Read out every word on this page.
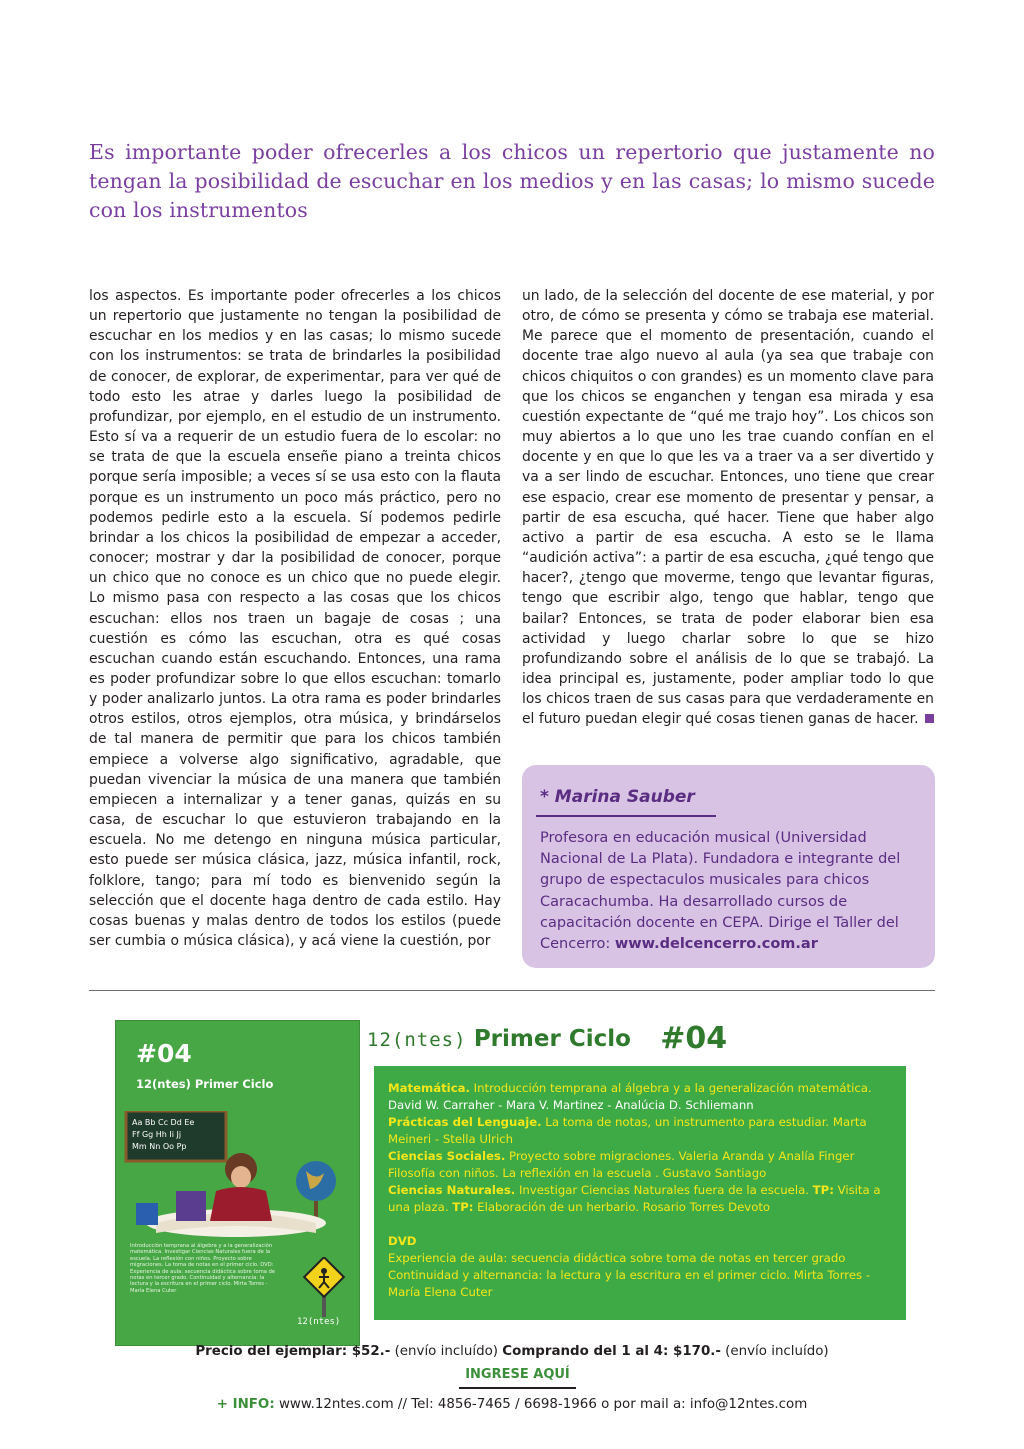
Es importante poder ofrecerles a los chicos un repertorio que justamente no tengan la posibilidad de escuchar en los medios y en las casas; lo mismo sucede con los instrumentos

los aspectos. Es importante poder ofrecerles a los chicos un repertorio que justamente no tengan la posibilidad de escuchar en los medios y en las casas; lo mismo sucede con los instrumentos: se trata de brindarles la posibilidad de conocer, de explorar, de experimentar, para ver qué de todo esto les atrae y darles luego la posibilidad de profundizar, por ejemplo, en el estudio de un instrumento. Esto sí va a requerir de un estudio fuera de lo escolar: no se trata de que la escuela enseñe piano a treinta chicos porque sería imposible; a veces sí se usa esto con la flauta porque es un instrumento un poco más práctico, pero no podemos pedirle esto a la escuela. Sí podemos pedirle brindar a los chicos la posibilidad de empezar a acceder, conocer; mostrar y dar la posibilidad de conocer, porque un chico que no conoce es un chico que no puede elegir. Lo mismo pasa con respecto a las cosas que los chicos escuchan: ellos nos traen un bagaje de cosas ; una cuestión es cómo las escuchan, otra es qué cosas escuchan cuando están escuchando. Entonces, una rama es poder profundizar sobre lo que ellos escuchan: tomarlo y poder analizarlo juntos. La otra rama es poder brindarles otros estilos, otros ejemplos, otra música, y brindárselos de tal manera de permitir que para los chicos también empiece a volverse algo significativo, agradable, que puedan vivenciar la música de una manera que también empiecen a internalizar y a tener ganas, quizás en su casa, de escuchar lo que estuvieron trabajando en la escuela. No me detengo en ninguna música particular, esto puede ser música clásica, jazz, música infantil, rock, folklore, tango; para mí todo es bienvenido según la selección que el docente haga dentro de cada estilo. Hay cosas buenas y malas dentro de todos los estilos (puede ser cumbia o música clásica), y acá viene la cuestión, por

un lado, de la selección del docente de ese material, y por otro, de cómo se presenta y cómo se trabaja ese material. Me parece que el momento de presentación, cuando el docente trae algo nuevo al aula (ya sea que trabaje con chicos chiquitos o con grandes) es un momento clave para que los chicos se enganchen y tengan esa mirada y esa cuestión expectante de “qué me trajo hoy”. Los chicos son muy abiertos a lo que uno les trae cuando confían en el docente y en que lo que les va a traer va a ser divertido y va a ser lindo de escuchar. Entonces, uno tiene que crear ese espacio, crear ese momento de presentar y pensar, a partir de esa escucha, qué hacer. Tiene que haber algo activo a partir de esa escucha. A esto se le llama “audición activa”: a partir de esa escucha, ¿qué tengo que hacer?, ¿tengo que moverme, tengo que levantar figuras, tengo que escribir algo, tengo que hablar, tengo que bailar? Entonces, se trata de poder elaborar bien esa actividad y luego charlar sobre lo que se hizo profundizando sobre el análisis de lo que se trabajó. La idea principal es, justamente, poder ampliar todo lo que los chicos traen de sus casas para que verdaderamente en el futuro puedan elegir qué cosas tienen ganas de hacer.

* Marina Sauber

Profesora en educación musical (Universidad Nacional de La Plata). Fundadora e integrante del grupo de espectaculos musicales para chicos Caracachumba. Ha desarrollado cursos de capacitación docente en CEPA. Dirige el Taller del Cencerro: www.delcencerro.com.ar

#04
12(ntes) Primer Ciclo
Aa Bb Cc Dd Ee
Ff Gg Hh Ii Jj
Mm Nn Oo Pp
Introducción temprana al álgebra y a la generalización matemática. Investigar Ciencias Naturales fuera de la escuela. La reflexión con niños. Proyecto sobre migraciones. La toma de notas en el primer ciclo. DVD: Experiencia de aula: secuencia didáctica sobre toma de notas en tercer grado. Continuidad y alternancia: la lectura y la escritura en el primer ciclo. Mirta Torres - María Elena Cuter
12(ntes)
12(ntes) Primer Ciclo #04
Matemática. Introducción temprana al álgebra y a la generalización matemática.
David W. Carraher - Mara V. Martinez - Analúcia D. Schliemann
Prácticas del Lenguaje. La toma de notas, un instrumento para estudiar. Marta Meineri - Stella Ulrich
Ciencias Sociales. Proyecto sobre migraciones. Valeria Aranda y Analía Finger
Filosofía con niños. La reflexión en la escuela . Gustavo Santiago
Ciencias Naturales. Investigar Ciencias Naturales fuera de la escuela. TP: Visita a una plaza. TP: Elaboración de un herbario. Rosario Torres Devoto
DVD
Experiencia de aula: secuencia didáctica sobre toma de notas en tercer grado
Continuidad y alternancia: la lectura y la escritura en el primer ciclo. Mirta Torres - María Elena Cuter
Precio del ejemplar: $52.- (envío incluído) Comprando del 1 al 4: $170.- (envío incluído)
INGRESE AQUÍ
+ INFO: www.12ntes.com // Tel: 4856-7465 / 6698-1966 o por mail a: info@12ntes.com
